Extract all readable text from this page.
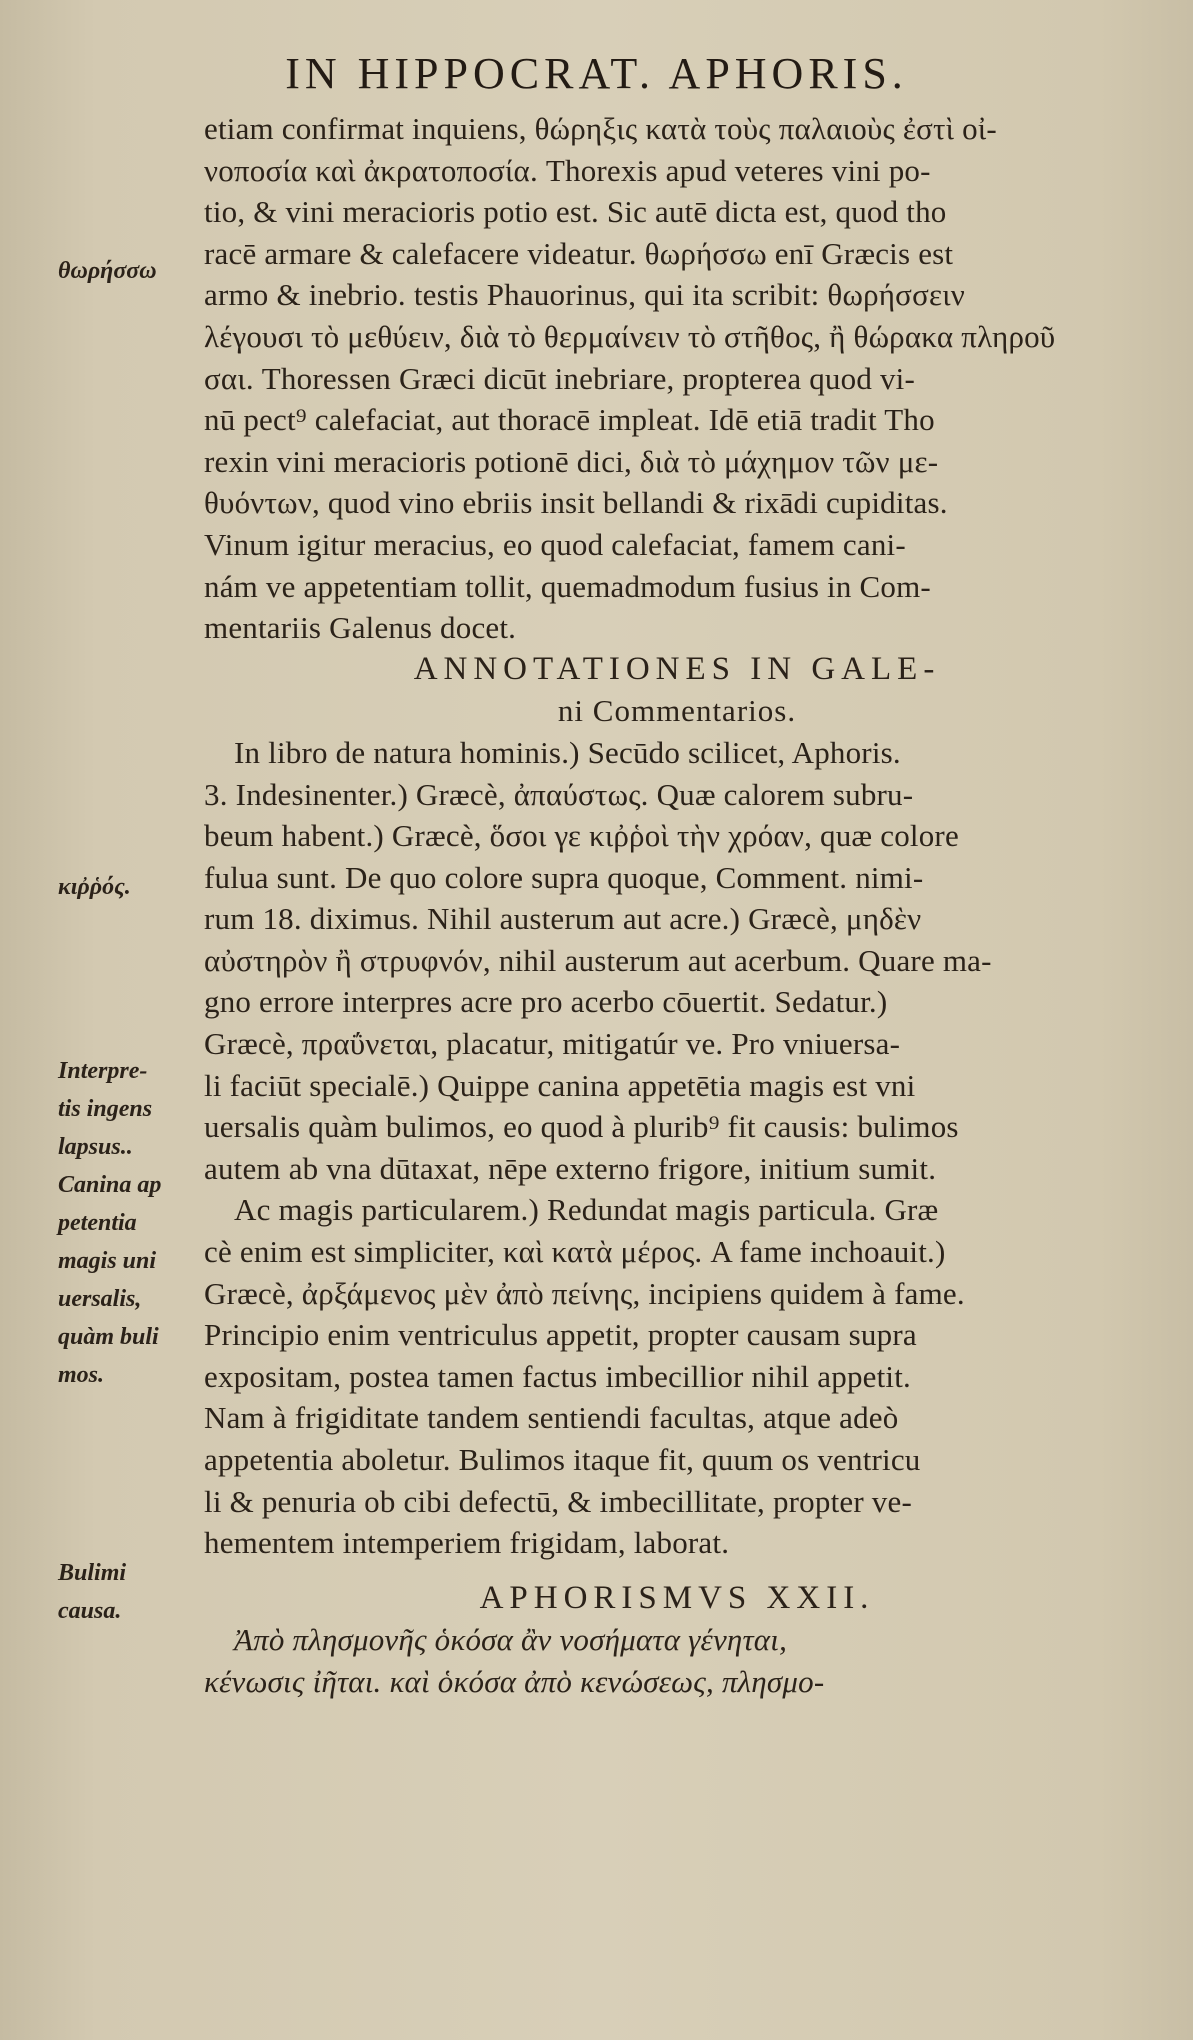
IN HIPPOCRAT. APHORIS.
θωρήσσω
κιῤῥός.
Interpre-
tis ingens
lapsus..
Canina ap
petentia
magis uni
uersalis,
quàm buli
mos.
Bulimi
causa.

etiam confirmat inquiens, θώρηξις κατὰ τοὺς παλαιοὺς ἐστὶ οἰ-
νοποσία καὶ ἀκρατοποσία. Thorexis apud veteres vini po-
tio, & vini meracioris potio est. Sic autē dicta est, quod tho
racē armare & calefacere videatur. θωρήσσω enī Græcis est
armo & inebrio. testis Phauorinus, qui ita scribit: θωρήσσειν
λέγουσι τὸ μεθύειν, διὰ τὸ θερμαίνειν τὸ στῆθος, ἢ θώρακα πληροῦ
σαι. Thoressen Græci dicūt inebriare, propterea quod vi-
nū pect⁹ calefaciat, aut thoracē impleat. Idē etiā tradit Tho
rexin vini meracioris potionē dici, διὰ τὸ μάχημον τῶν με-
θυόντων, quod vino ebriis insit bellandi & rixādi cupiditas.
Vinum igitur meracius, eo quod calefaciat, famem cani-
nám ve appetentiam tollit, quemadmodum fusius in Com-
mentariis Galenus docet.

ANNOTATIONES IN GALE-
ni Commentarios.

In libro de natura hominis.) Secūdo scilicet, Aphoris.
3. Indesinenter.) Græcè, ἀπαύστως. Quæ calorem subru-
beum habent.) Græcè, ὅσοι γε κιῤῥοὶ τὴν χρόαν, quæ colore
fulua sunt. De quo colore supra quoque, Comment. nimi-
rum 18. diximus. Nihil austerum aut acre.) Græcè, μηδὲν
αὐστηρὸν ἢ στρυφνόν, nihil austerum aut acerbum. Quare ma-
gno errore interpres acre pro acerbo cōuertit. Sedatur.)
Græcè, πραΰνεται, placatur, mitigatúr ve. Pro vniuersa-
li faciūt specialē.) Quippe canina appetētia magis est vni
uersalis quàm bulimos, eo quod à plurib⁹ fit causis: bulimos
autem ab vna dūtaxat, nēpe externo frigore, initium sumit.
Ac magis particularem.) Redundat magis particula. Græ
cè enim est simpliciter, καὶ κατὰ μέρος. A fame inchoauit.)
Græcè, ἀρξάμενος μὲν ἀπὸ πείνης, incipiens quidem à fame.
Principio enim ventriculus appetit, propter causam supra
expositam, postea tamen factus imbecillior nihil appetit.
Nam à frigiditate tandem sentiendi facultas, atque adeò
appetentia aboletur. Bulimos itaque fit, quum os ventricu
li & penuria ob cibi defectū, & imbecillitate, propter ve-
hementem intemperiem frigidam, laborat.

APHORISMVS XXII.

Ἀπὸ πλησμονῆς ὁκόσα ἂν νοσήματα γένηται,
κένωσις ἰῆται. καὶ ὁκόσα ἀπὸ κενώσεως, πλησμο-
